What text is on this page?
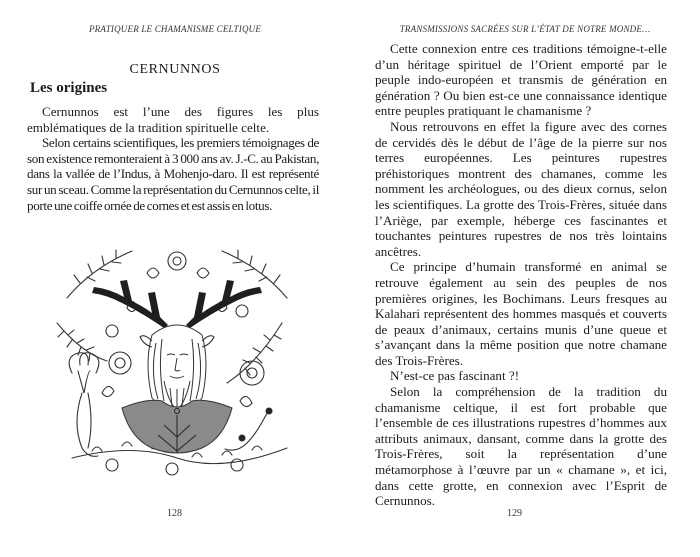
PRATIQUER LE CHAMANISME CELTIQUE
CERNUNNOS
Les origines

Cernunnos est l’une des figures les plus emblématiques de la tradition spirituelle celte.

Selon certains scientifiques, les premiers témoignages de son existence remonteraient à 3 000 ans av. J.-C. au Pakistan, dans la vallée de l’Indus, à Mohenjo-daro. Il est représenté sur un sceau. Comme la représentation du Cernunnos celte, il porte une coiffe ornée de cornes et est assis en lotus.

128
TRANSMISSIONS SACRÉES SUR L’ÉTAT DE NOTRE MONDE…

Cette connexion entre ces traditions témoigne-t-elle d’un héritage spirituel de l’Orient emporté par le peuple indo-européen et transmis de génération en génération ? Ou bien est-ce une connaissance identique entre peuples pratiquant le chamanisme ?

Nous retrouvons en effet la figure avec des cornes de cervidés dès le début de l’âge de la pierre sur nos terres européennes. Les peintures rupestres préhistoriques montrent des chamanes, comme les nomment les archéologues, ou des dieux cornus, selon les scientifiques. La grotte des Trois-Frères, située dans l’Ariège, par exemple, héberge ces fascinantes et touchantes peintures rupestres de nos très lointains ancêtres.

Ce principe d’humain transformé en animal se retrouve également au sein des peuples de nos premières origines, les Bochimans. Leurs fresques au Kalahari représentent des hommes masqués et couverts de peaux d’animaux, certains munis d’une queue et s’avançant dans la même position que notre chamane des Trois-Frères.

N’est-ce pas fascinant ?!

Selon la compréhension de la tradition du chamanisme celtique, il est fort probable que l’ensemble de ces illustrations rupestres d’hommes aux attributs animaux, dansant, comme dans la grotte des Trois-Frères, soit la représentation d’une métamorphose à l’œuvre par un « chamane », et ici, dans cette grotte, en connexion avec l’Esprit de Cernunnos.

129
